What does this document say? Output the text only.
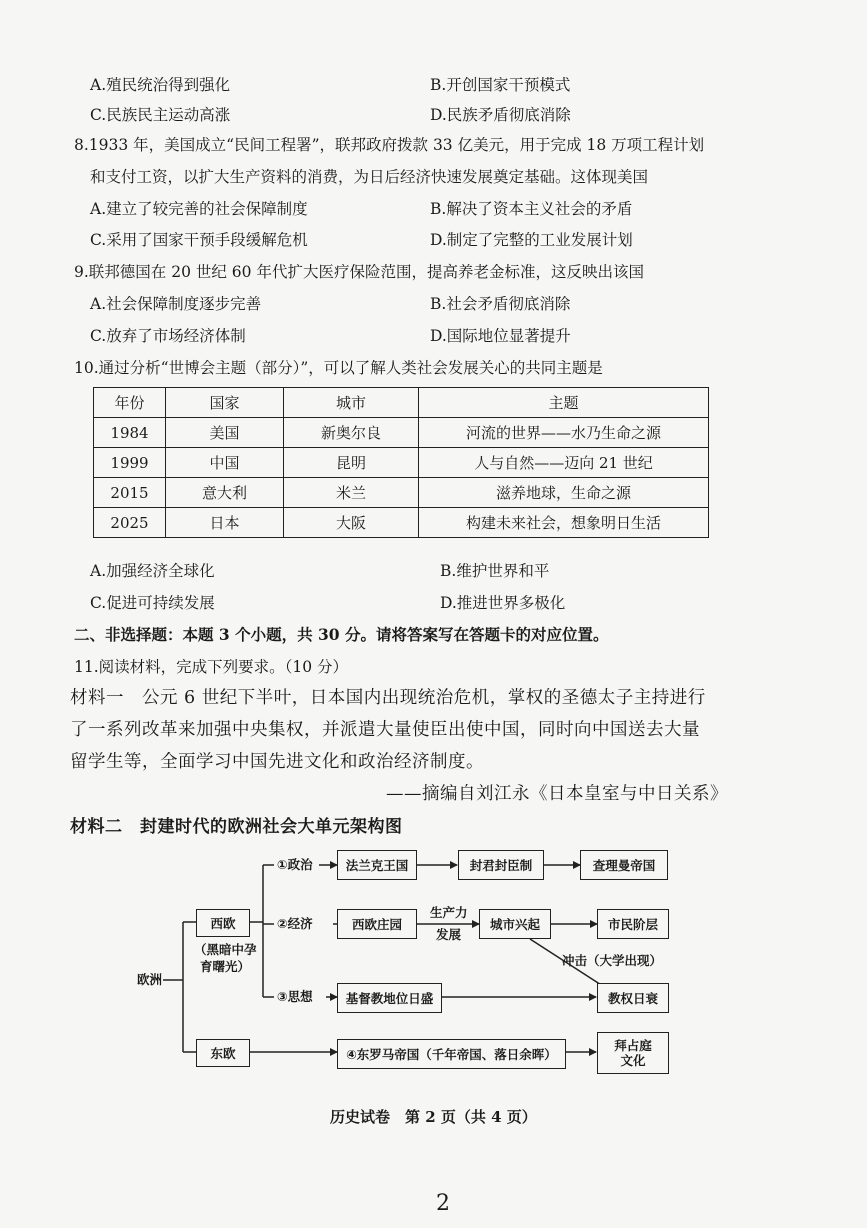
A.殖民统治得到强化	B.开创国家干预模式
C.民族民主运动高涨	D.民族矛盾彻底消除
8.1933 年，美国成立“民间工程署”，联邦政府拨款 33 亿美元，用于完成 18 万项工程计划
和支付工资，以扩大生产资料的消费，为日后经济快速发展奠定基础。这体现美国
A.建立了较完善的社会保障制度	B.解决了资本主义社会的矛盾
C.采用了国家干预手段缓解危机	D.制定了完整的工业发展计划
9.联邦德国在 20 世纪 60 年代扩大医疗保险范围，提高养老金标准，这反映出该国
A.社会保障制度逐步完善	B.社会矛盾彻底消除
C.放弃了市场经济体制	D.国际地位显著提升
10.通过分析“世博会主题（部分）”，可以了解人类社会发展关心的共同主题是
年份	国家	城市	主题
1984	美国	新奥尔良	河流的世界——水乃生命之源
1999	中国	昆明	人与自然——迈向 21 世纪
2015	意大利	米兰	滋养地球，生命之源
2025	日本	大阪	构建未来社会，想象明日生活
A.加强经济全球化	B.维护世界和平
C.促进可持续发展	D.推进世界多极化
二、非选择题：本题 3 个小题，共 30 分。请将答案写在答题卡的对应位置。
11.阅读材料，完成下列要求。（10 分）
材料一　公元 6 世纪下半叶，日本国内出现统治危机，掌权的圣德太子主持进行
了一系列改革来加强中央集权，并派遣大量使臣出使中国，同时向中国送去大量
留学生等，全面学习中国先进文化和政治经济制度。
——摘编自刘江永《日本皇室与中日关系》
材料二　封建时代的欧洲社会大单元架构图
欧洲
西欧
（黑暗中孕
育曙光）
东欧
①政治
②经济
③思想
法兰克王国	封君封臣制	查理曼帝国
西欧庄园
生产力
发展
城市兴起	市民阶层
冲击（大学出现）
基督教地位日盛	教权日衰
④东罗马帝国（千年帝国、落日余晖）
拜占庭
文化
历史试卷　第 2 页（共 4 页）
2
